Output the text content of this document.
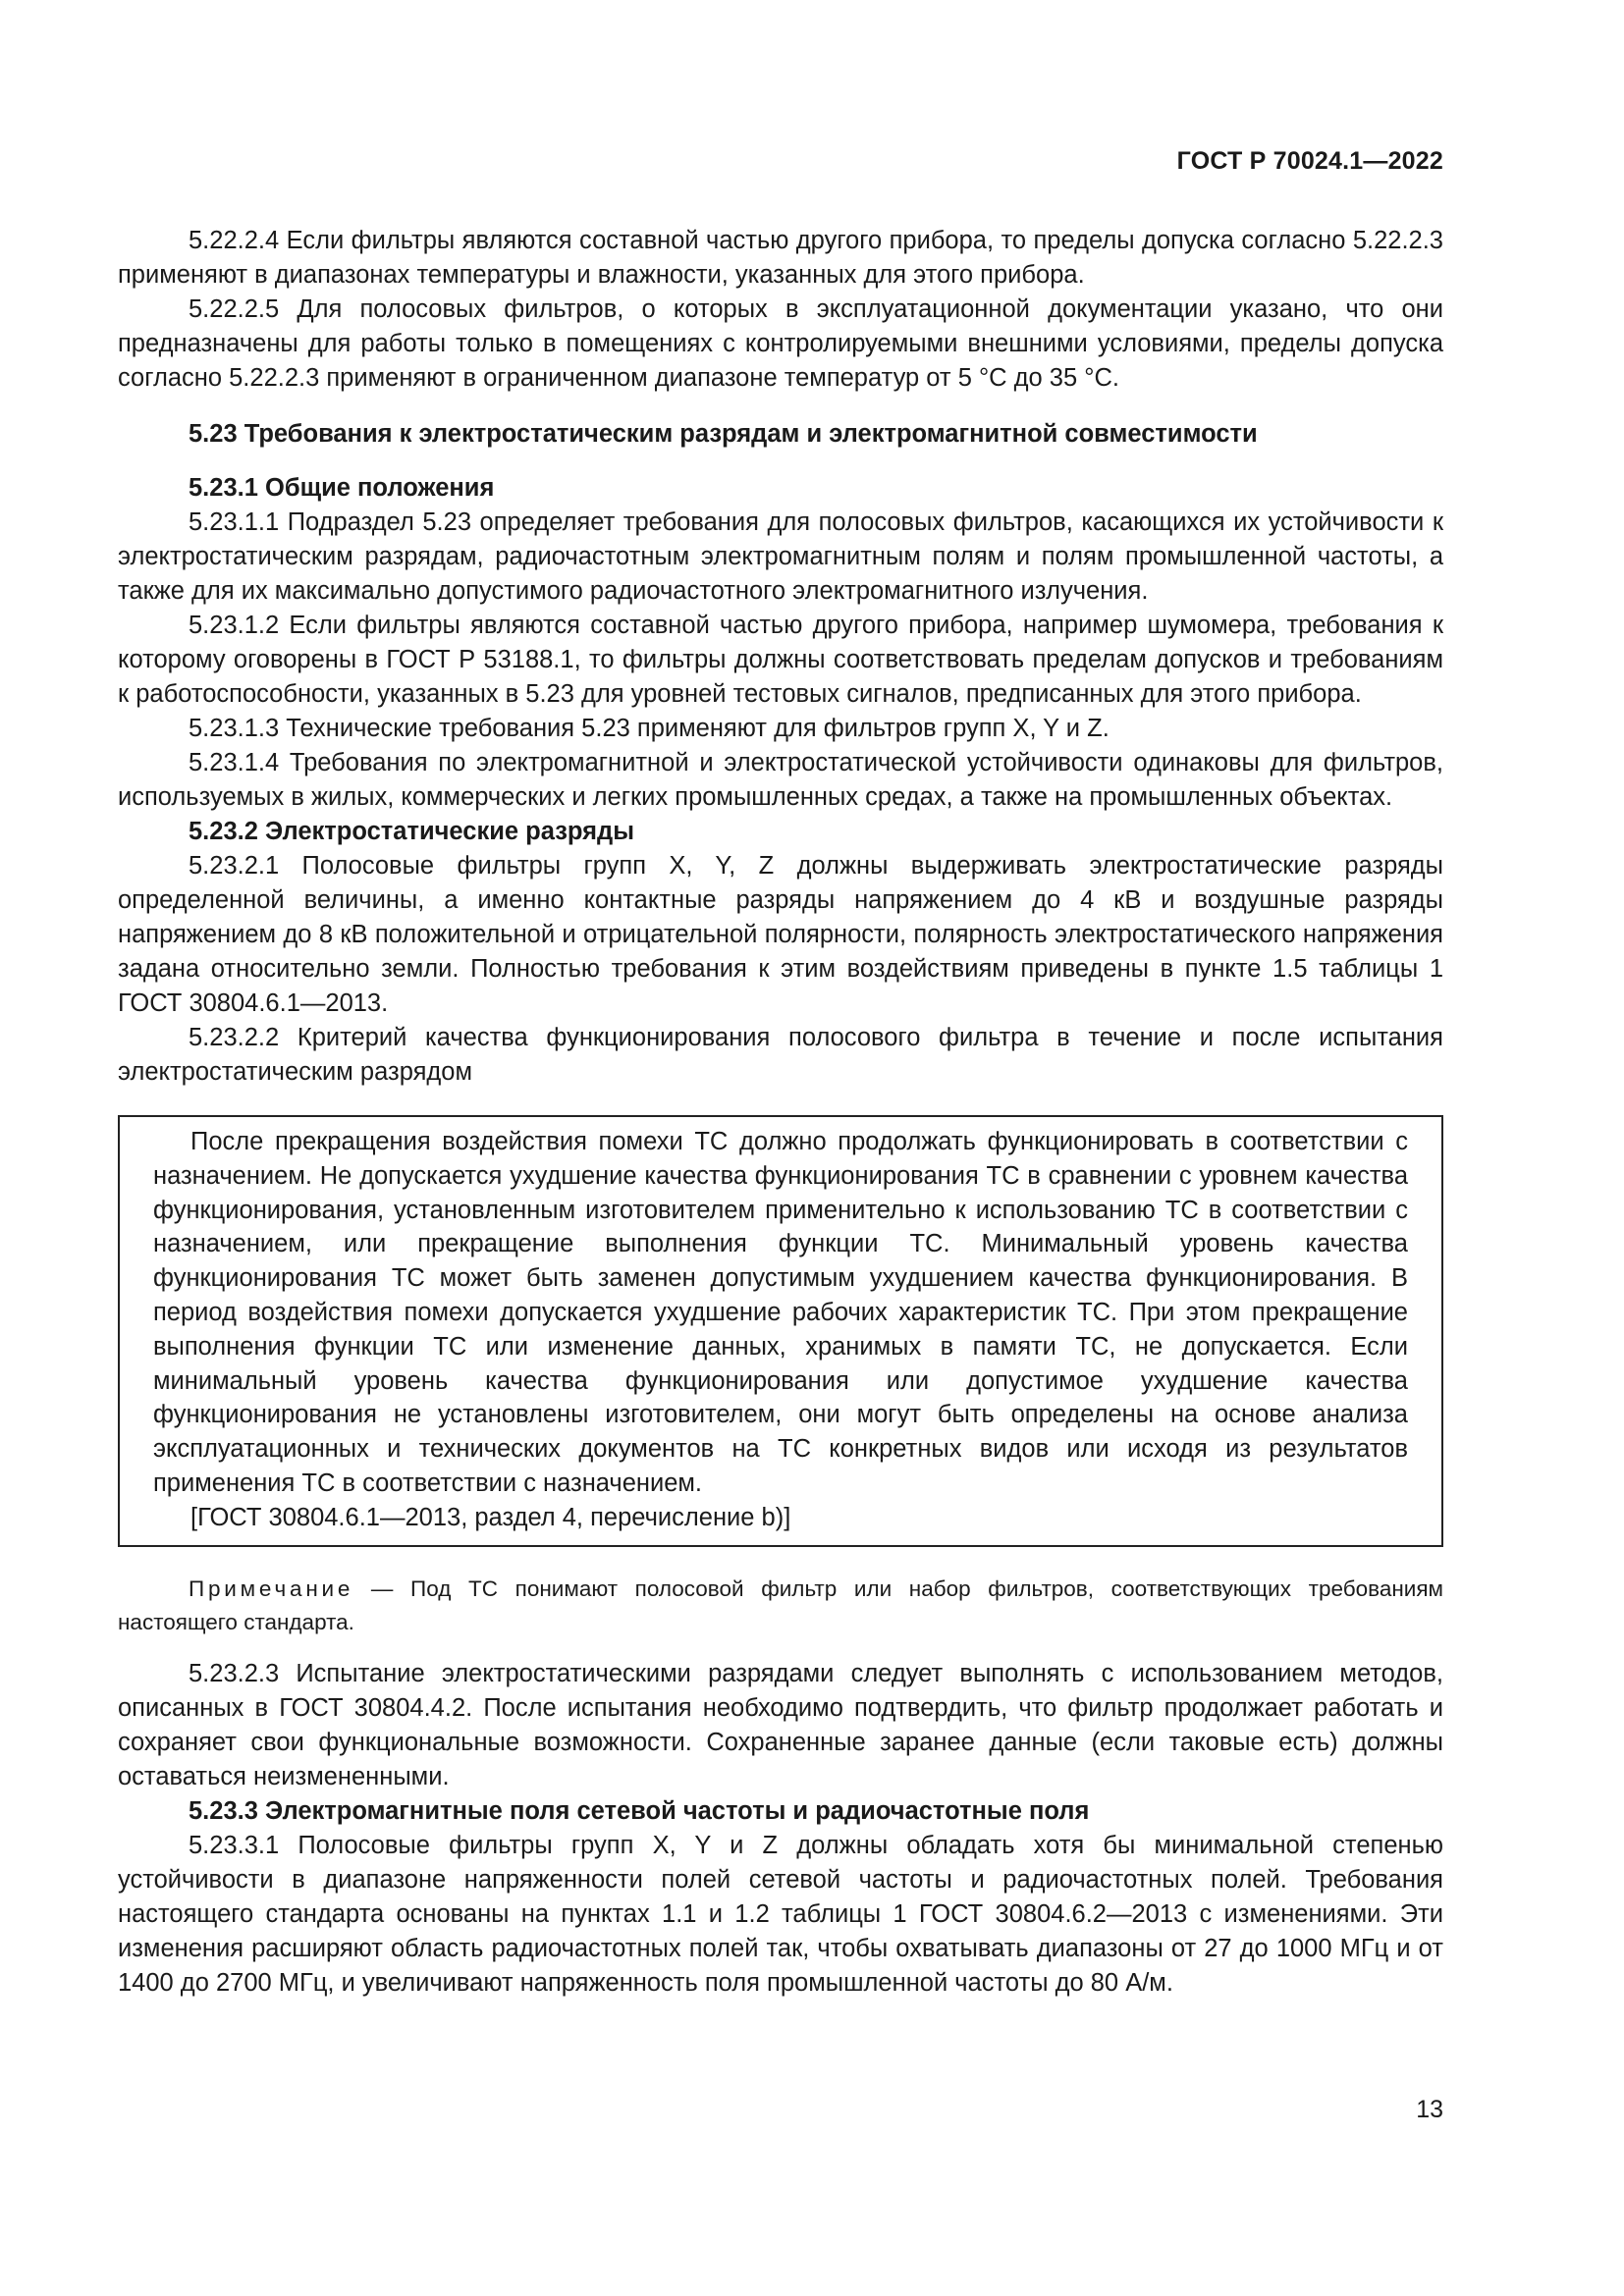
ГОСТ Р 70024.1—2022

5.22.2.4 Если фильтры являются составной частью другого прибора, то пределы допуска согласно 5.22.2.3 применяют в диапазонах температуры и влажности, указанных для этого прибора.

5.22.2.5 Для полосовых фильтров, о которых в эксплуатационной документации указано, что они предназначены для работы только в помещениях с контролируемыми внешними условиями, пределы допуска согласно 5.22.2.3 применяют в ограниченном диапазоне температур от 5 °C до 35 °C.

5.23 Требования к электростатическим разрядам и электромагнитной совместимости
5.23.1 Общие положения

5.23.1.1 Подраздел 5.23 определяет требования для полосовых фильтров, касающихся их устойчивости к электростатическим разрядам, радиочастотным электромагнитным полям и полям промышленной частоты, а также для их максимально допустимого радиочастотного электромагнитного излучения.

5.23.1.2 Если фильтры являются составной частью другого прибора, например шумомера, требования к которому оговорены в ГОСТ Р 53188.1, то фильтры должны соответствовать пределам допусков и требованиям к работоспособности, указанных в 5.23 для уровней тестовых сигналов, предписанных для этого прибора.

5.23.1.3 Технические требования 5.23 применяют для фильтров групп X, Y и Z.

5.23.1.4 Требования по электромагнитной и электростатической устойчивости одинаковы для фильтров, используемых в жилых, коммерческих и легких промышленных средах, а также на промышленных объектах.

5.23.2 Электростатические разряды

5.23.2.1 Полосовые фильтры групп X, Y, Z должны выдерживать электростатические разряды определенной величины, а именно контактные разряды напряжением до 4 кВ и воздушные разряды напряжением до 8 кВ положительной и отрицательной полярности, полярность электростатического напряжения задана относительно земли. Полностью требования к этим воздействиям приведены в пункте 1.5 таблицы 1 ГОСТ 30804.6.1—2013.

5.23.2.2 Критерий качества функционирования полосового фильтра в течение и после испытания электростатическим разрядом

После прекращения воздействия помехи ТС должно продолжать функционировать в соответствии с назначением. Не допускается ухудшение качества функционирования ТС в сравнении с уровнем качества функционирования, установленным изготовителем применительно к использованию ТС в соответствии с назначением, или прекращение выполнения функции ТС. Минимальный уровень качества функционирования ТС может быть заменен допустимым ухудшением качества функционирования. В период воздействия помехи допускается ухудшение рабочих характеристик ТС. При этом прекращение выполнения функции ТС или изменение данных, хранимых в памяти ТС, не допускается. Если минимальный уровень качества функционирования или допустимое ухудшение качества функционирования не установлены изготовителем, они могут быть определены на основе анализа эксплуатационных и технических документов на ТС конкретных видов или исходя из результатов применения ТС в соответствии с назначением.

[ГОСТ 30804.6.1—2013, раздел 4, перечисление b)]

Примечание — Под ТС понимают полосовой фильтр или набор фильтров, соответствующих требованиям настоящего стандарта.

5.23.2.3 Испытание электростатическими разрядами следует выполнять с использованием методов, описанных в ГОСТ 30804.4.2. После испытания необходимо подтвердить, что фильтр продолжает работать и сохраняет свои функциональные возможности. Сохраненные заранее данные (если таковые есть) должны оставаться неизмененными.

5.23.3 Электромагнитные поля сетевой частоты и радиочастотные поля

5.23.3.1 Полосовые фильтры групп X, Y и Z должны обладать хотя бы минимальной степенью устойчивости в диапазоне напряженности полей сетевой частоты и радиочастотных полей. Требования настоящего стандарта основаны на пунктах 1.1 и 1.2 таблицы 1 ГОСТ 30804.6.2—2013 с изменениями. Эти изменения расширяют область радиочастотных полей так, чтобы охватывать диапазоны от 27 до 1000 МГц и от 1400 до 2700 МГц, и увеличивают напряженность поля промышленной частоты до 80 А/м.

13
